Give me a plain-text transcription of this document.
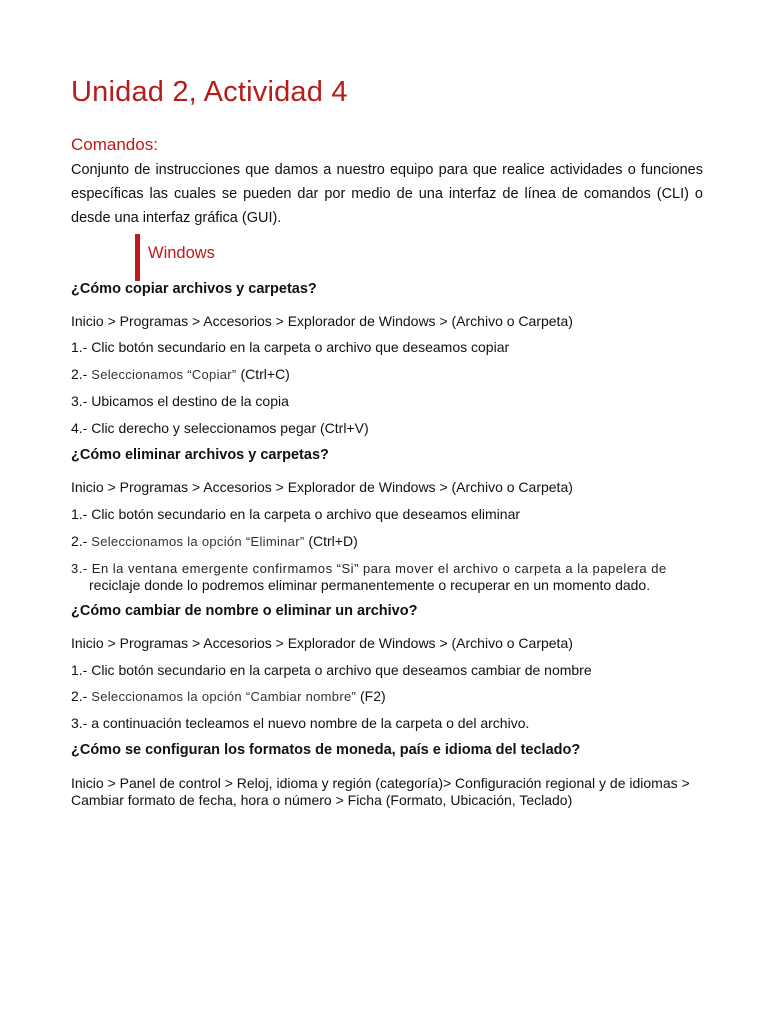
Unidad 2, Actividad 4
Comandos:

Conjunto de instrucciones que damos a nuestro equipo para que realice actividades o funciones específicas las cuales se pueden dar por medio de una interfaz de línea de comandos (CLI) o desde una interfaz gráfica (GUI).

Windows

¿Cómo copiar archivos y carpetas?

Inicio > Programas > Accesorios > Explorador de Windows > (Archivo o Carpeta)

1.- Clic botón secundario en la carpeta o archivo que deseamos copiar

2.- Seleccionamos “Copiar” (Ctrl+C)

3.- Ubicamos el destino de la copia

4.- Clic derecho y seleccionamos pegar (Ctrl+V)

¿Cómo eliminar archivos y carpetas?

Inicio > Programas > Accesorios > Explorador de Windows > (Archivo o Carpeta)

1.- Clic botón secundario en la carpeta o archivo que deseamos eliminar

2.- Seleccionamos la opción “Eliminar” (Ctrl+D)

3.- En la ventana emergente confirmamos “Si” para mover el archivo o carpeta a la papelera de
reciclaje donde lo podremos eliminar permanentemente o recuperar en un momento dado.

¿Cómo cambiar de nombre o eliminar un archivo?

Inicio > Programas > Accesorios > Explorador de Windows > (Archivo o Carpeta)

1.- Clic botón secundario en la carpeta o archivo que deseamos cambiar de nombre

2.- Seleccionamos la opción “Cambiar nombre” (F2)

3.- a continuación tecleamos el nuevo nombre de la carpeta o del archivo.

¿Cómo se configuran los formatos de moneda, país e idioma del teclado?

Inicio > Panel de control > Reloj, idioma y región (categoría)> Configuración regional y de idiomas >
Cambiar formato de fecha, hora o número > Ficha (Formato, Ubicación, Teclado)
